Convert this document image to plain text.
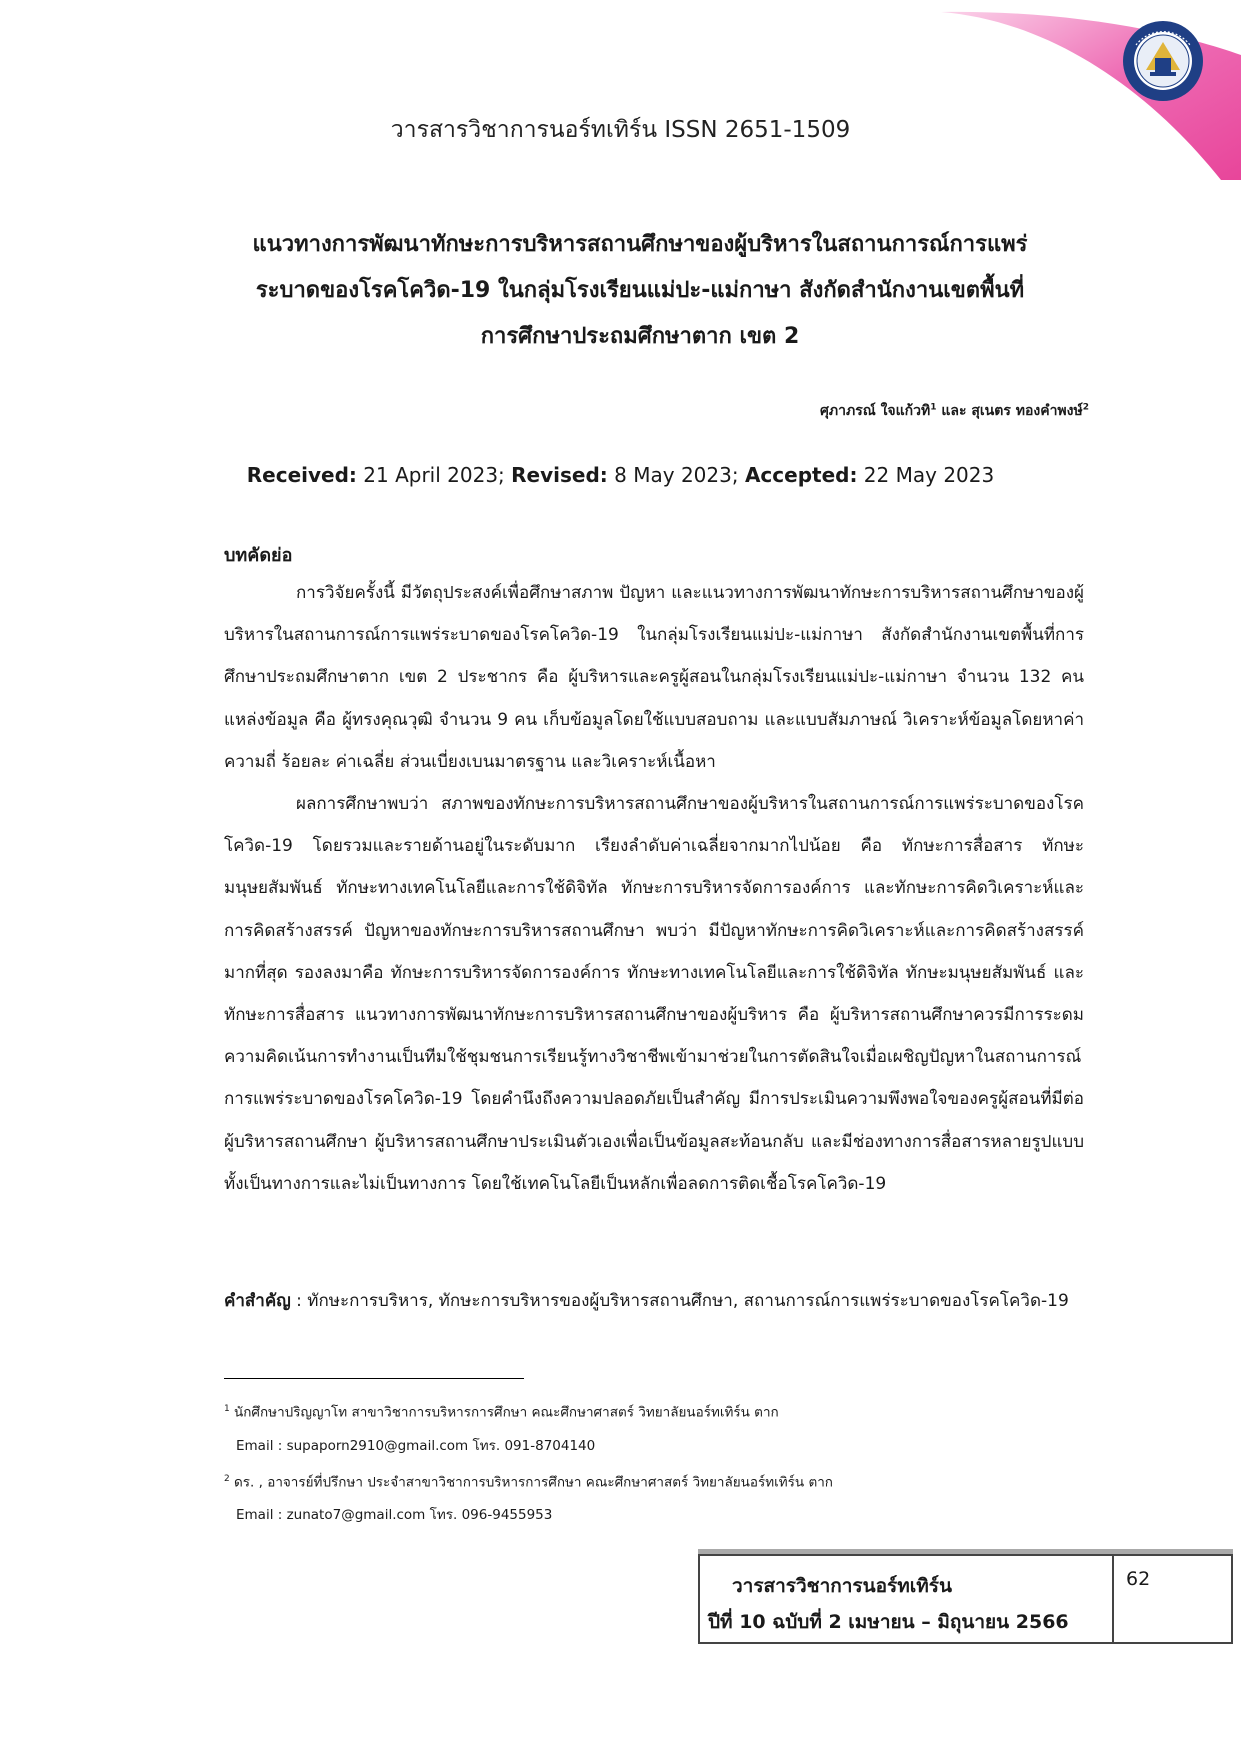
วารสารวิชาการนอร์ทเทิร์น ISSN 2651-1509
แนวทางการพัฒนาทักษะการบริหารสถานศึกษาของผู้บริหารในสถานการณ์การแพร่
ระบาดของโรคโควิด-19 ในกลุ่มโรงเรียนแม่ปะ-แม่กาษา สังกัดสำนักงานเขตพื้นที่
การศึกษาประถมศึกษาตาก เขต 2
ศุภาภรณ์ ใจแก้วทิ$^1$ และ สุเนตร ทองคำพงษ์$^2$
Received: 21 April 2023; Revised: 8 May 2023; Accepted: 22 May 2023
บทคัดย่อ

การวิจัยครั้งนี้ มีวัตถุประสงค์เพื่อศึกษาสภาพ ปัญหา และแนวทางการพัฒนาทักษะการบริหารสถานศึกษาของผู้บริหารในสถานการณ์การแพร่ระบาดของโรคโควิด-19 ในกลุ่มโรงเรียนแม่ปะ-แม่กาษา สังกัดสำนักงานเขตพื้นที่การศึกษาประถมศึกษาตาก เขต 2 ประชากร คือ ผู้บริหารและครูผู้สอนในกลุ่มโรงเรียนแม่ปะ-แม่กาษา จำนวน 132 คน แหล่งข้อมูล คือ ผู้ทรงคุณวุฒิ จำนวน 9 คน เก็บข้อมูลโดยใช้แบบสอบถาม และแบบสัมภาษณ์ วิเคราะห์ข้อมูลโดยหาค่าความถี่ ร้อยละ ค่าเฉลี่ย ส่วนเบี่ยงเบนมาตรฐาน และวิเคราะห์เนื้อหา

ผลการศึกษาพบว่า สภาพของทักษะการบริหารสถานศึกษาของผู้บริหารในสถานการณ์การแพร่ระบาดของโรคโควิด-19 โดยรวมและรายด้านอยู่ในระดับมาก เรียงลำดับค่าเฉลี่ยจากมากไปน้อย คือ ทักษะการสื่อสาร ทักษะมนุษยสัมพันธ์ ทักษะทางเทคโนโลยีและการใช้ดิจิทัล ทักษะการบริหารจัดการองค์การ และทักษะการคิดวิเคราะห์และการคิดสร้างสรรค์ ปัญหาของทักษะการบริหารสถานศึกษา พบว่า มีปัญหาทักษะการคิดวิเคราะห์และการคิดสร้างสรรค์มากที่สุด รองลงมาคือ ทักษะการบริหารจัดการองค์การ ทักษะทางเทคโนโลยีและการใช้ดิจิทัล ทักษะมนุษยสัมพันธ์ และทักษะการสื่อสาร แนวทางการพัฒนาทักษะการบริหารสถานศึกษาของผู้บริหาร คือ ผู้บริหารสถานศึกษาควรมีการระดมความคิดเน้นการทำงานเป็นทีมใช้ชุมชนการเรียนรู้ทางวิชาชีพเข้ามาช่วยในการตัดสินใจเมื่อเผชิญปัญหาในสถานการณ์การแพร่ระบาดของโรคโควิด-19 โดยคำนึงถึงความปลอดภัยเป็นสำคัญ มีการประเมินความพึงพอใจของครูผู้สอนที่มีต่อผู้บริหารสถานศึกษา ผู้บริหารสถานศึกษาประเมินตัวเองเพื่อเป็นข้อมูลสะท้อนกลับ และมีช่องทางการสื่อสารหลายรูปแบบทั้งเป็นทางการและไม่เป็นทางการ โดยใช้เทคโนโลยีเป็นหลักเพื่อลดการติดเชื้อโรคโควิด-19

คำสำคัญ : ทักษะการบริหาร, ทักษะการบริหารของผู้บริหารสถานศึกษา, สถานการณ์การแพร่ระบาดของโรคโควิด-19

$^1$ นักศึกษาปริญญาโท สาขาวิชาการบริหารการศึกษา คณะศึกษาศาสตร์ วิทยาลัยนอร์ทเทิร์น ตาก
Email : supaporn2910@gmail.com โทร. 091-8704140
$^2$ ดร. , อาจารย์ที่ปรึกษา ประจำสาขาวิชาการบริหารการศึกษา คณะศึกษาศาสตร์ วิทยาลัยนอร์ทเทิร์น ตาก
Email : zunato7@gmail.com โทร. 096-9455953
วารสารวิชาการนอร์ทเทิร์น
ปีที่ 10 ฉบับที่ 2 เมษายน – มิถุนายน 2566
62
